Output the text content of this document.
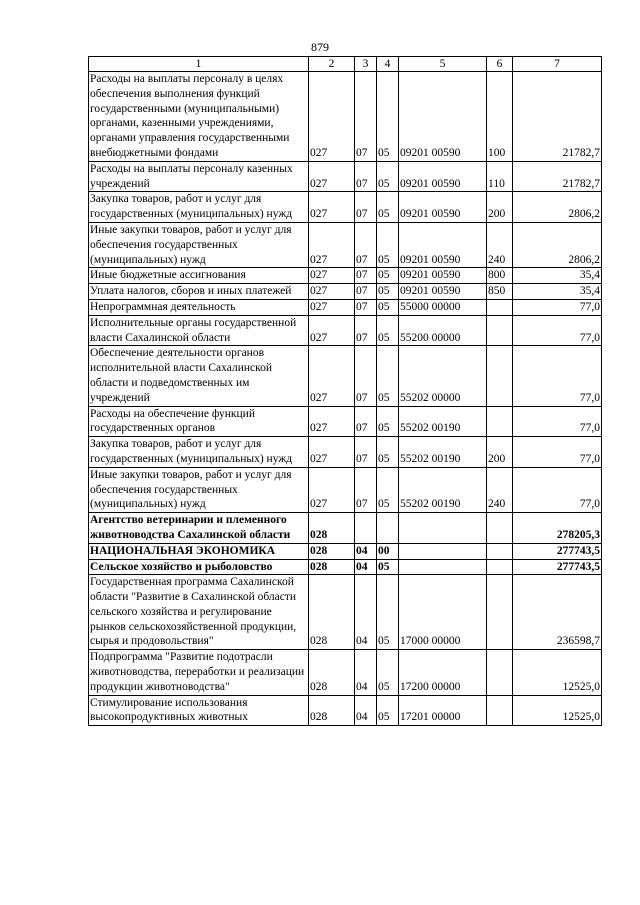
879
1	2	3	4	5	6	7
Расходы на выплаты персоналу в целях обеспечения выполнения функций государственными (муниципальными) органами, казенными учреждениями, органами управления государственными внебюджетными фондами	027	07	05	09201 00590	100	21782,7
Расходы на выплаты персоналу казенных учреждений	027	07	05	09201 00590	110	21782,7
Закупка товаров, работ и услуг для государственных (муниципальных) нужд	027	07	05	09201 00590	200	2806,2
Иные закупки товаров, работ и услуг для обеспечения государственных (муниципальных) нужд	027	07	05	09201 00590	240	2806,2
Иные бюджетные ассигнования	027	07	05	09201 00590	800	35,4
Уплата налогов, сборов и иных платежей	027	07	05	09201 00590	850	35,4
Непрограммная деятельность	027	07	05	55000 00000		77,0
Исполнительные органы государственной власти Сахалинской области	027	07	05	55200 00000		77,0
Обеспечение деятельности органов исполнительной власти Сахалинской области и подведомственных им учреждений	027	07	05	55202 00000		77,0
Расходы на обеспечение функций государственных органов	027	07	05	55202 00190		77,0
Закупка товаров, работ и услуг для государственных (муниципальных) нужд	027	07	05	55202 00190	200	77,0
Иные закупки товаров, работ и услуг для обеспечения государственных (муниципальных) нужд	027	07	05	55202 00190	240	77,0
Агентство ветеринарии и племенного животноводства Сахалинской области	028					278205,3
НАЦИОНАЛЬНАЯ ЭКОНОМИКА	028	04	00			277743,5
Сельское хозяйство и рыболовство	028	04	05			277743,5
Государственная программа Сахалинской области "Развитие в Сахалинской области сельского хозяйства и регулирование рынков сельскохозяйственной продукции, сырья и продовольствия"	028	04	05	17000 00000		236598,7
Подпрограмма "Развитие подотрасли животноводства, переработки и реализации продукции животноводства"	028	04	05	17200 00000		12525,0
Стимулирование использования высокопродуктивных животных	028	04	05	17201 00000		12525,0
